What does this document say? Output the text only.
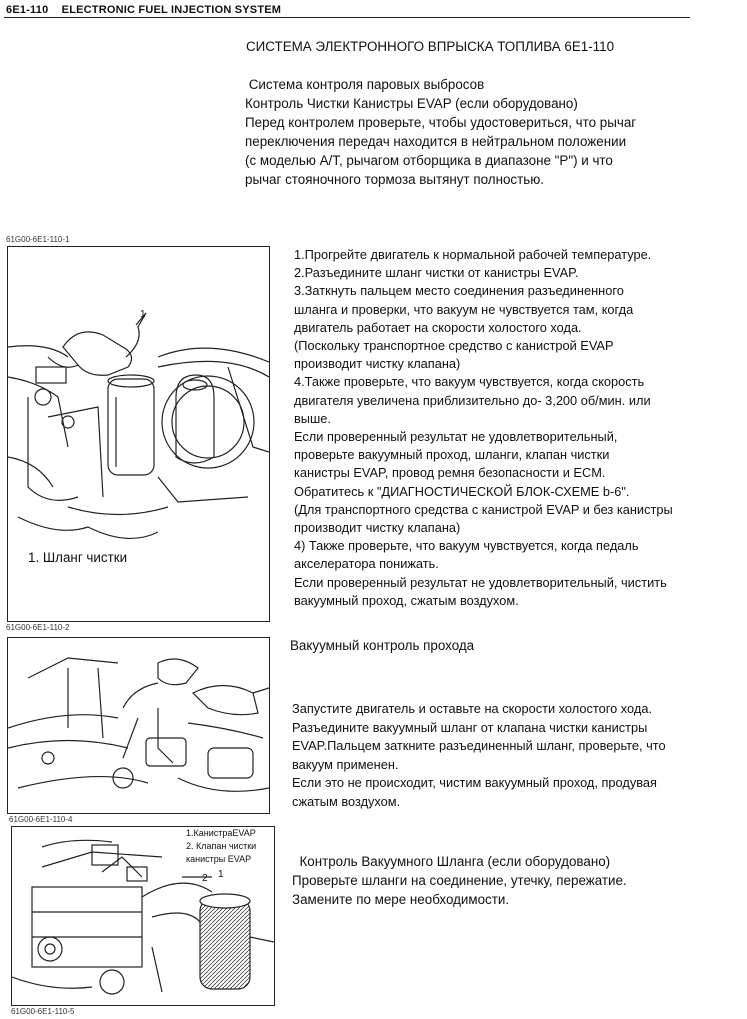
6E1-110 ELECTRONIC FUEL INJECTION SYSTEM
СИСТЕМА ЭЛЕКТРОННОГО ВПРЫСКА ТОПЛИВА 6E1-110
Система контроля паровых выбросов
Контроль Чистки Канистры EVAP (если оборудовано)
Перед контролем проверьте, чтобы удостовериться, что рычаг
переключения передач находится в нейтральном положении
(с моделью A/T, рычагом отборщика в диапазоне "P") и что
рычаг стояночного тормоза вытянут полностью.
61G00-6E1-110-1
1
1. Шланг чистки
61G00-6E1-110-2
1.Прогрейте двигатель к нормальной рабочей температуре.
2.Разъедините шланг чистки от канистры EVAP.
3.Заткнуть пальцем место соединения разъединенного
шланга и проверки, что вакуум не чувствуется там, когда
двигатель работает на скорости холостого хода.
(Поскольку транспортное средство с канистрой EVAP
производит чистку клапана)
4.Также проверьте, что вакуум чувствуется, когда скорость
двигателя увеличена приблизительно до- 3,200 об/мин. или
выше.
Если проверенный результат не удовлетворительный,
проверьте вакуумный проход, шланги, клапан чистки
канистры EVAP, провод ремня безопасности и ECM.
Обратитесь к "ДИАГНОСТИЧЕСКОЙ БЛОК-СХЕМЕ b-6".
(Для транспортного средства с канистрой EVAP и без канистры
производит чистку клапана)
4) Также проверьте, что вакуум чувствуется, когда педаль
акселератора понижать.
Если проверенный результат не удовлетворительный, чистить
вакуумный проход, сжатым воздухом.
61G00-6E1-110-4
Вакуумный контроль прохода
Запустите двигатель и оставьте на скорости холостого хода.
Разъедините вакуумный шланг от клапана чистки канистры
EVAP.Пальцем заткните разъединенный шланг, проверьте, что
вакуум применен.
Если это не происходит, чистим вакуумный проход, продувая
сжатым воздухом.
1
2
1.КанистраEVAP
2. Клапан чистки
канистры EVAP
61G00-6E1-110-5
Контроль Вакуумного Шланга (если оборудовано)
Проверьте шланги на соединение, утечку, пережатие.
Замените по мере необходимости.
